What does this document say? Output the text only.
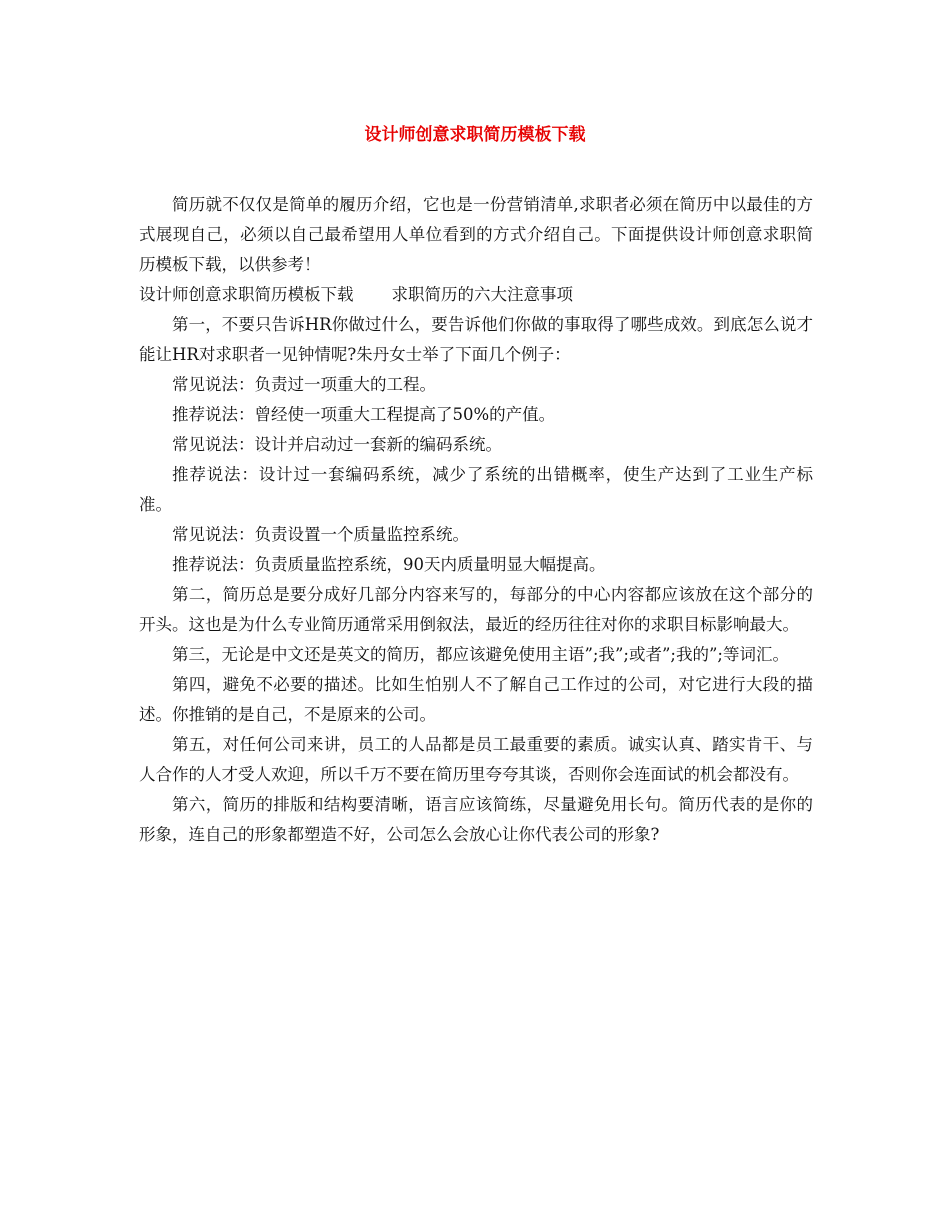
设计师创意求职简历模板下载

简历就不仅仅是简单的履历介绍，它也是一份营销清单,求职者必须在简历中以最佳的方式展现自己，必须以自己最希望用人单位看到的方式介绍自己。下面提供设计师创意求职简历模板下载，以供参考！

设计师创意求职简历模板下载 求职简历的六大注意事项

第一，不要只告诉HR你做过什么，要告诉他们你做的事取得了哪些成效。到底怎么说才能让HR对求职者一见钟情呢?朱丹女士举了下面几个例子：

常见说法：负责过一项重大的工程。

推荐说法：曾经使一项重大工程提高了50%的产值。

常见说法：设计并启动过一套新的编码系统。

推荐说法：设计过一套编码系统，减少了系统的出错概率，使生产达到了工业生产标准。

常见说法：负责设置一个质量监控系统。

推荐说法：负责质量监控系统，90天内质量明显大幅提高。

第二，简历总是要分成好几部分内容来写的，每部分的中心内容都应该放在这个部分的开头。这也是为什么专业简历通常采用倒叙法，最近的经历往往对你的求职目标影响最大。

第三，无论是中文还是英文的简历，都应该避免使用主语”;我”;或者”;我的”;等词汇。

第四，避免不必要的描述。比如生怕别人不了解自己工作过的公司，对它进行大段的描述。你推销的是自己，不是原来的公司。

第五，对任何公司来讲，员工的人品都是员工最重要的素质。诚实认真、踏实肯干、与人合作的人才受人欢迎，所以千万不要在简历里夸夸其谈，否则你会连面试的机会都没有。

第六，简历的排版和结构要清晰，语言应该简练，尽量避免用长句。简历代表的是你的形象，连自己的形象都塑造不好，公司怎么会放心让你代表公司的形象?
